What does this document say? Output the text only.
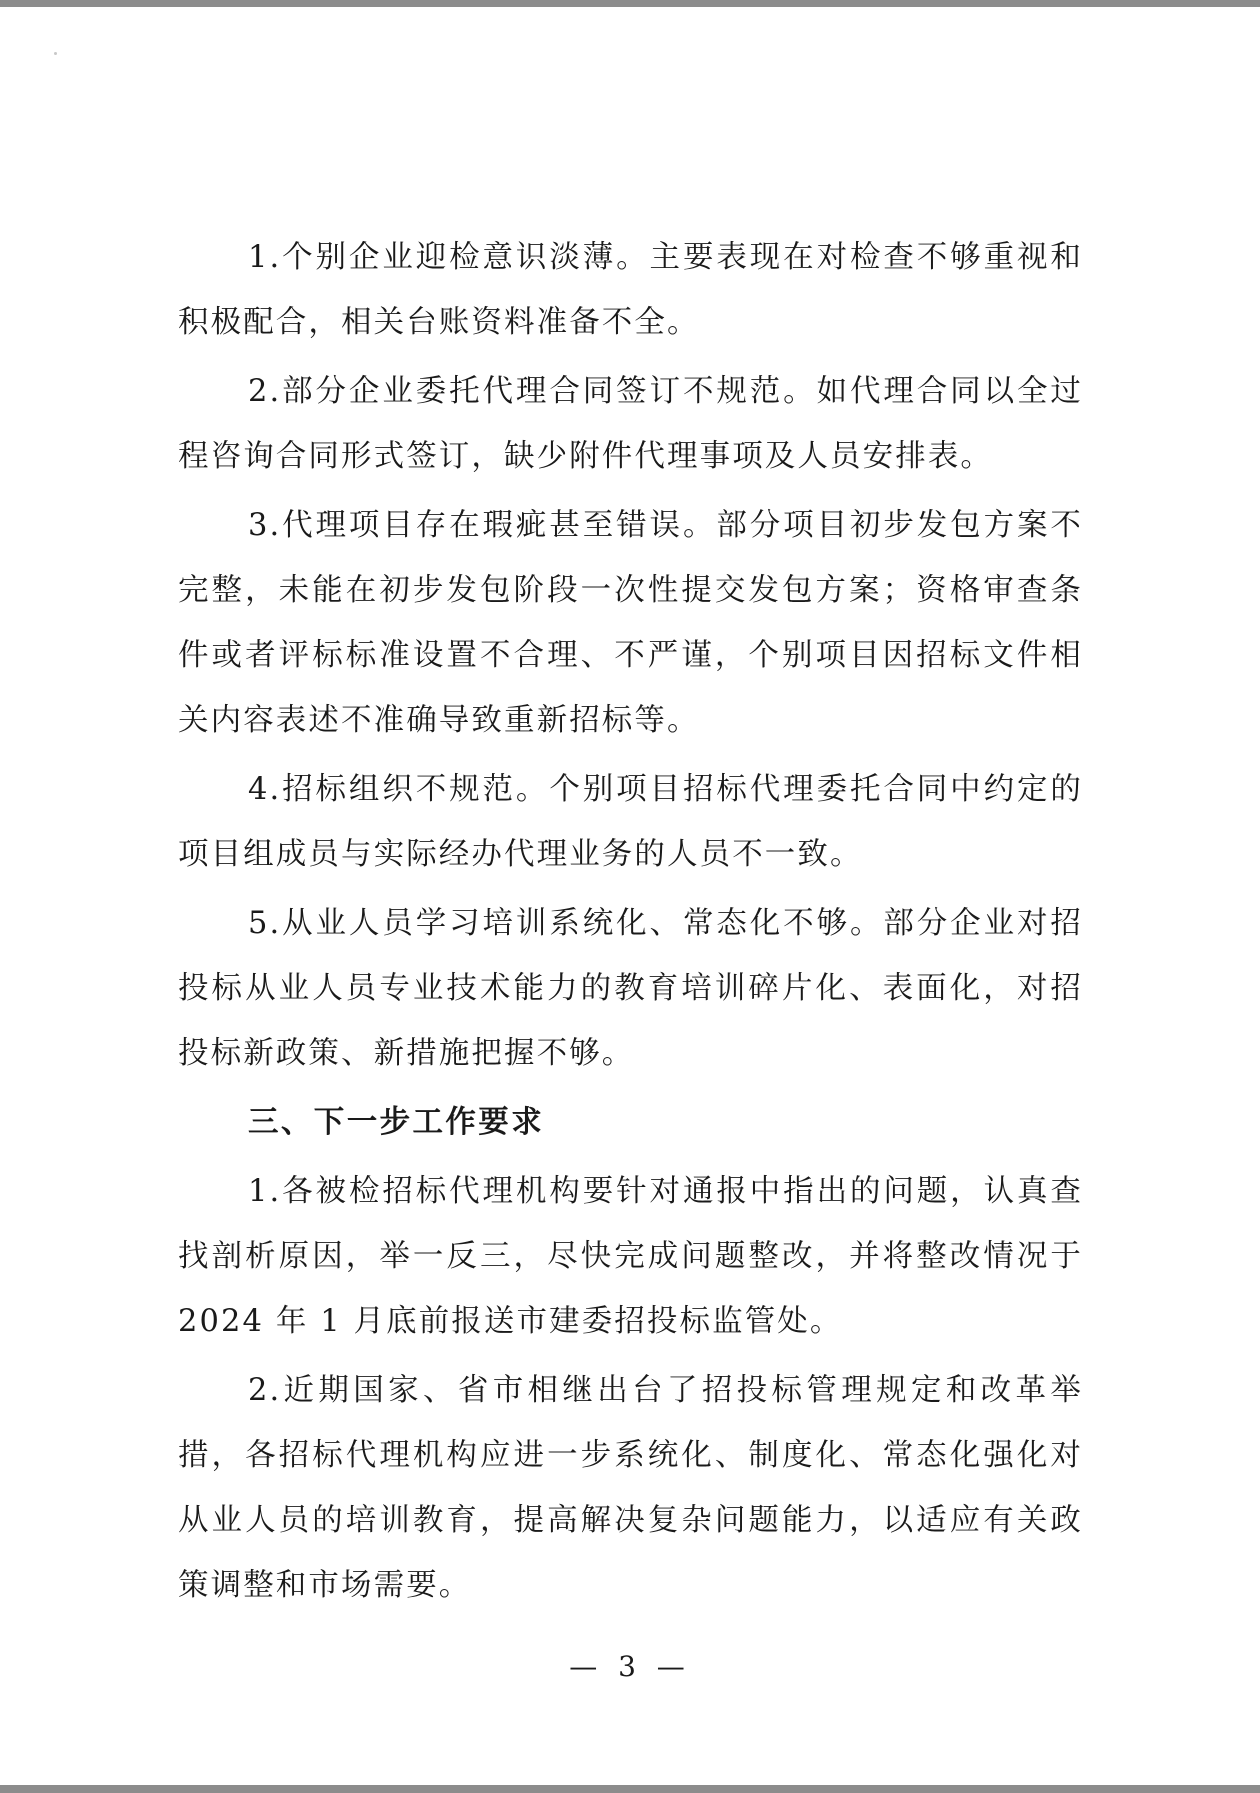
1.个别企业迎检意识淡薄。主要表现在对检查不够重视和积极配合，相关台账资料准备不全。

2.部分企业委托代理合同签订不规范。如代理合同以全过程咨询合同形式签订，缺少附件代理事项及人员安排表。

3.代理项目存在瑕疵甚至错误。部分项目初步发包方案不完整，未能在初步发包阶段一次性提交发包方案；资格审查条件或者评标标准设置不合理、不严谨，个别项目因招标文件相关内容表述不准确导致重新招标等。

4.招标组织不规范。个别项目招标代理委托合同中约定的项目组成员与实际经办代理业务的人员不一致。

5.从业人员学习培训系统化、常态化不够。部分企业对招投标从业人员专业技术能力的教育培训碎片化、表面化，对招投标新政策、新措施把握不够。

三、下一步工作要求

1.各被检招标代理机构要针对通报中指出的问题，认真查找剖析原因，举一反三，尽快完成问题整改，并将整改情况于2024 年 1 月底前报送市建委招投标监管处。

2.近期国家、省市相继出台了招投标管理规定和改革举措，各招标代理机构应进一步系统化、制度化、常态化强化对从业人员的培训教育，提高解决复杂问题能力，以适应有关政策调整和市场需要。

— 3 —
